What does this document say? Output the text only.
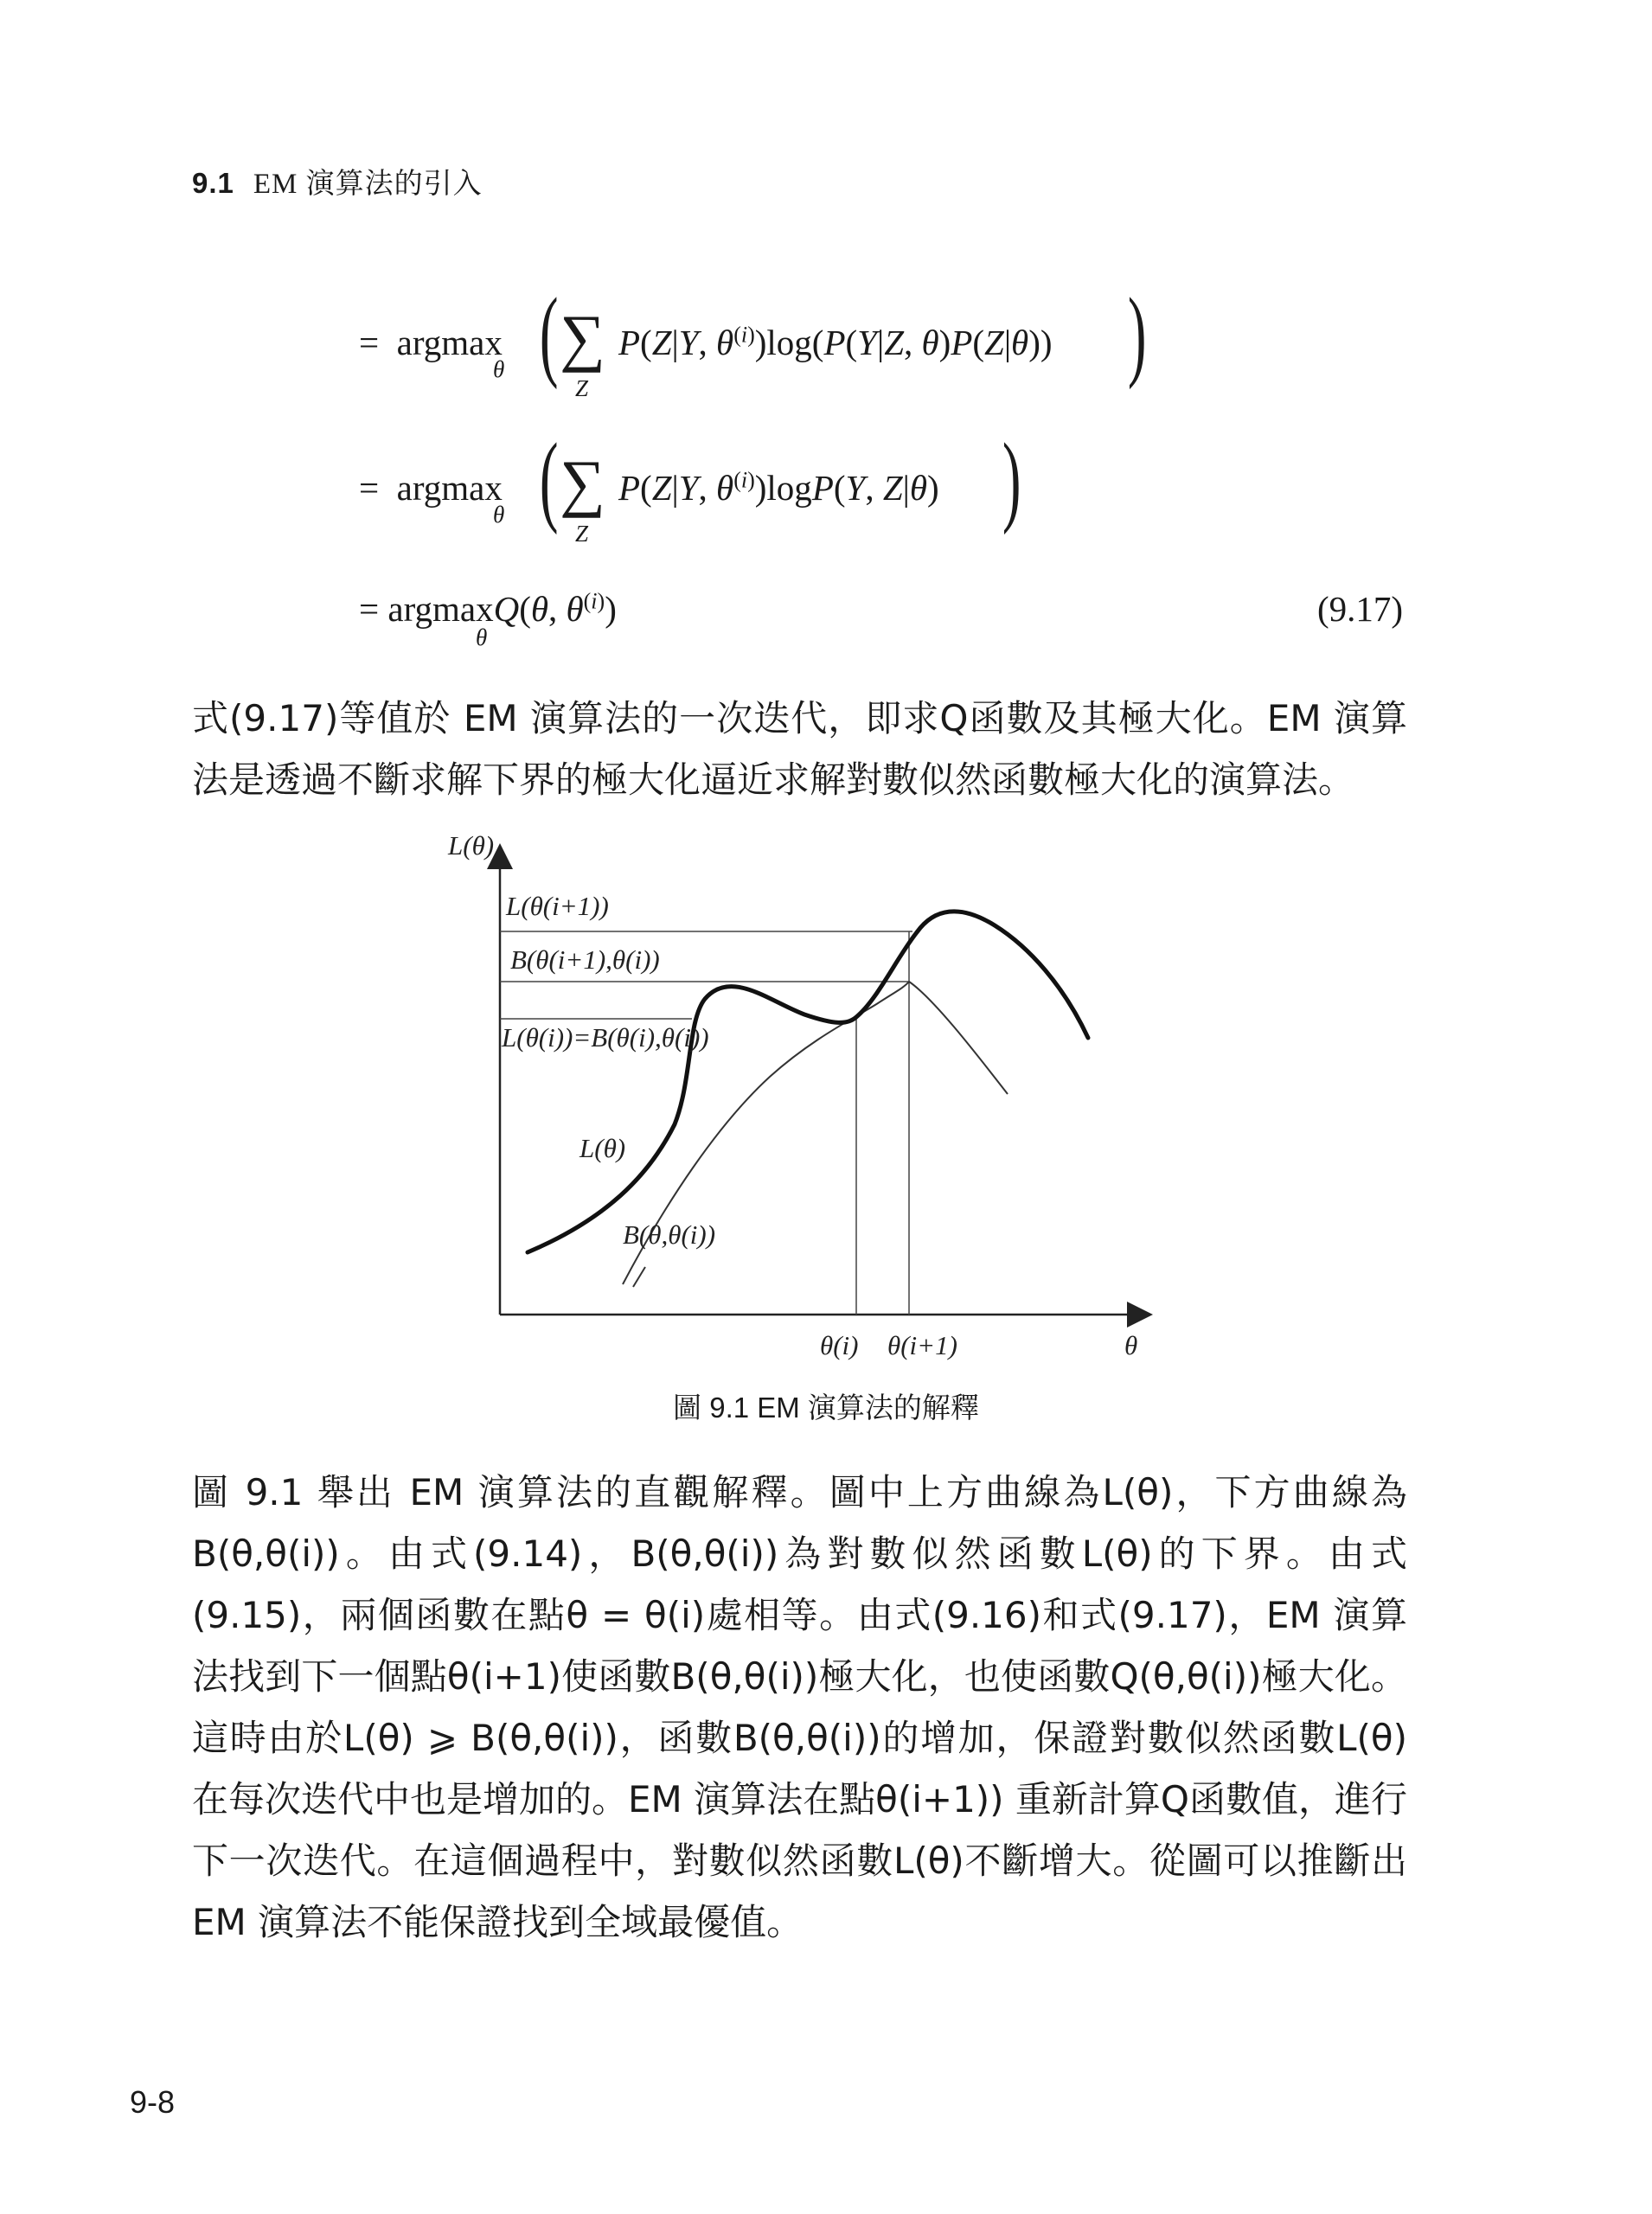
9.1 EM 演算法的引入
=  argmax
θ ( ∑
Z
P(Z|Y, $\theta^{(i)})\log(P(Y|Z$, θ)P(Z|θ)) )
=  argmax
θ ( ∑
Z
P(Z|Y, $\theta^{(i)})\log P(Y$, Z|θ) )
= argmaxQ(θ, $\theta^{(i)}$)
θ
(9.17)
式(9.17)等值於 EM 演算法的一次迭代，即求Q函數及其極大化。EM 演算法是透過不斷求解下界的極大化逼近求解對數似然函數極大化的演算法。
L(θ)
L(θ(i+1))
B(θ(i+1),θ(i))
L(θ(i))=B(θ(i),θ(i))
L(θ)
B(θ,θ(i))
θ(i) θ(i+1)	θ
圖 9.1 EM 演算法的解釋
圖 9.1 舉出 EM 演算法的直觀解釋。圖中上方曲線為L(θ)，下方曲線為B(θ,θ(i))。由式(9.14)，B(θ,θ(i))為對數似然函數L(θ)的下界。由式(9.15)，兩個函數在點θ = θ(i)處相等。由式(9.16)和式(9.17)，EM 演算法找到下一個點θ(i+1)使函數B(θ,θ(i))極大化，也使函數Q(θ,θ(i))極大化。這時由於L(θ) ⩾ B(θ,θ(i))，函數B(θ,θ(i))的增加，保證對數似然函數L(θ)在每次迭代中也是增加的。EM 演算法在點θ(i+1)) 重新計算Q函數值，進行下一次迭代。在這個過程中，對數似然函數L(θ)不斷增大。從圖可以推斷出 EM 演算法不能保證找到全域最優值。
9-8
